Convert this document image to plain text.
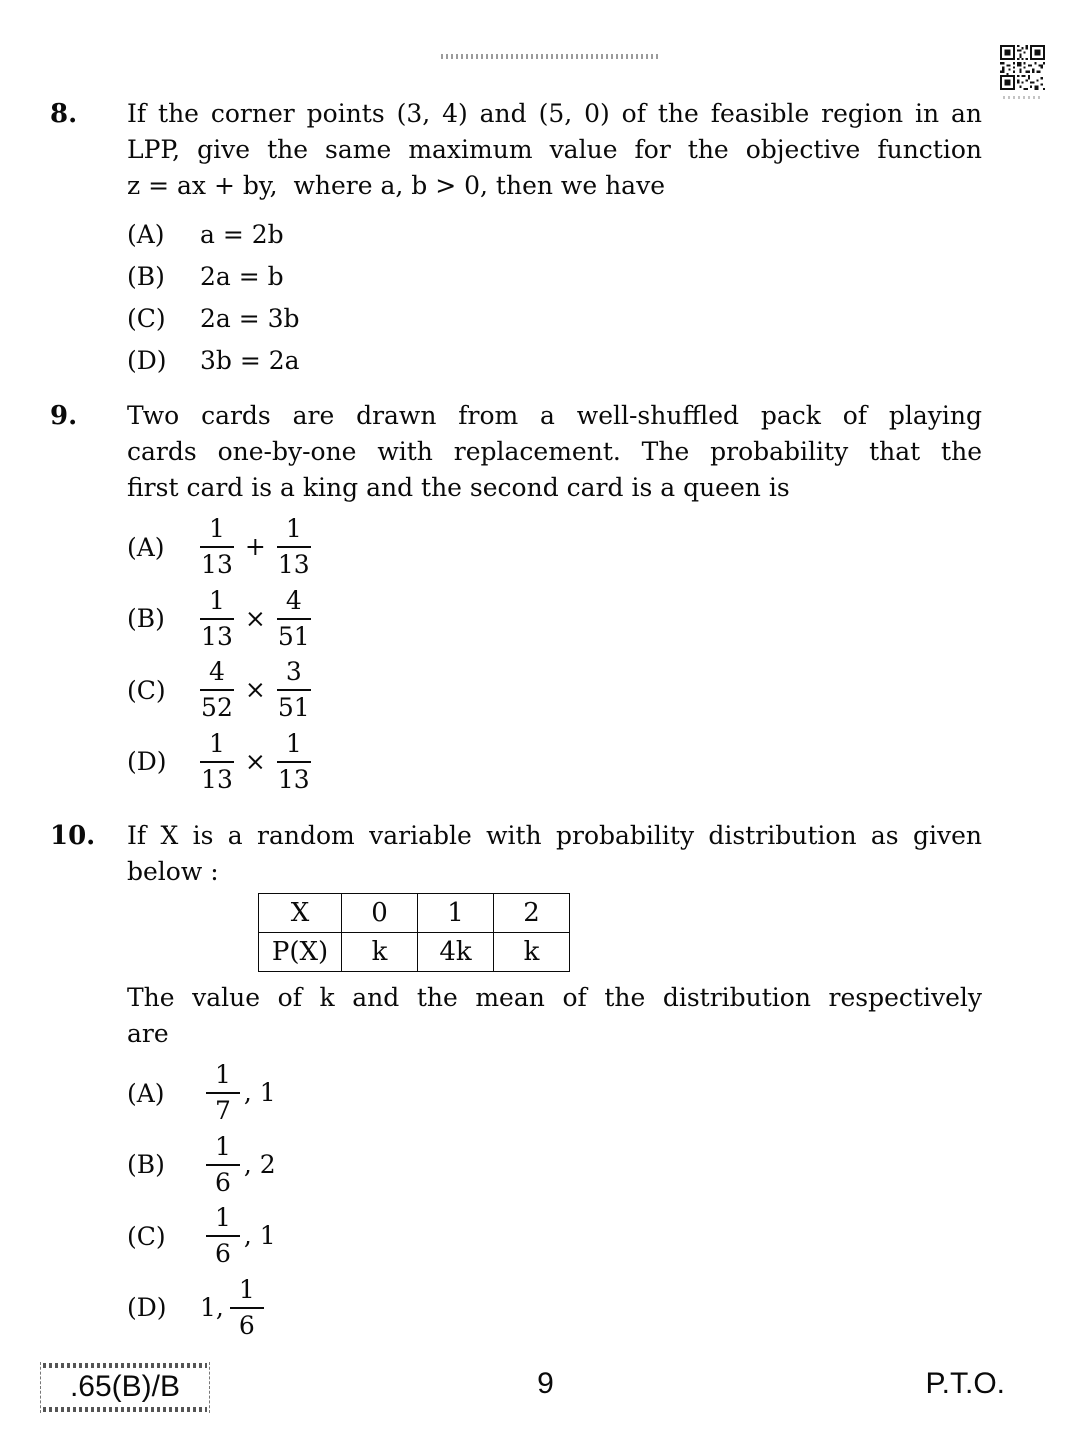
8.	If the corner points (3, 4) and (5, 0) of the feasible region in an
LPP, give the same maximum value for the objective function
z = ax + by,  where a, b > 0, then we have
(A)	a = 2b
(B)	2a = b
(C)	2a = 3b
(D)	3b = 2a
9.	Two cards are drawn from a well-shuffled pack of playing
cards one-by-one with replacement. The probability that the
first card is a king and the second card is a queen is
(A)	$\frac{1}{13} + \frac{1}{13}$
(B)	$\frac{1}{13} \times \frac{4}{51}$
(C)	$\frac{4}{52} \times \frac{3}{51}$
(D)	$\frac{1}{13} \times \frac{1}{13}$
10.	If X is a random variable with probability distribution as given
below :
X	0	1	2
P(X)	k	4k	k
The value of k and the mean of the distribution respectively
are
(A)	$\frac{1}{7}$ , 1
(B)	$\frac{1}{6}$ , 2
(C)	$\frac{1}{6}$ , 1
(D)	1, $\frac{1}{6}$
.65(B)/B	9	P.T.O.
